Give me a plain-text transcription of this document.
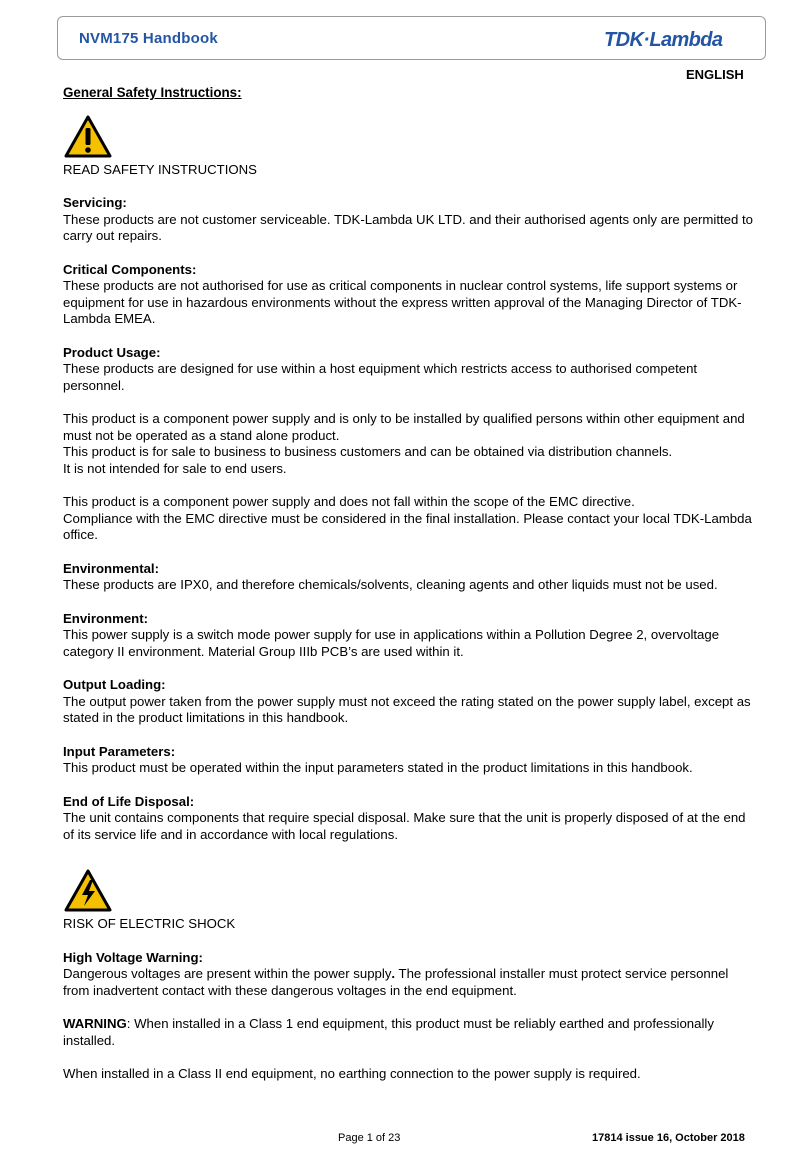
NVM175 Handbook	TDK·Lambda
ENGLISH
General Safety Instructions:
READ SAFETY INSTRUCTIONS
Servicing:

These products are not customer serviceable. TDK-Lambda UK LTD. and their authorised agents only are permitted to carry out repairs.

Critical Components:

These products are not authorised for use as critical components in nuclear control systems, life support systems or equipment for use in hazardous environments without the express written approval of the Managing Director of TDK-Lambda EMEA.

Product Usage:

These products are designed for use within a host equipment which restricts access to authorised competent personnel.

This product is a component power supply and is only to be installed by qualified persons within other equipment and must not be operated as a stand alone product.

This product is for sale to business to business customers and can be obtained via distribution channels.

It is not intended for sale to end users.

This product is a component power supply and does not fall within the scope of the EMC directive.

Compliance with the EMC directive must be considered in the final installation. Please contact your local TDK-Lambda office.

Environmental:

These products are IPX0, and therefore chemicals/solvents, cleaning agents and other liquids must not be used.

Environment:

This power supply is a switch mode power supply for use in applications within a Pollution Degree 2, overvoltage category II environment. Material Group IIIb PCB’s are used within it.

Output Loading:

The output power taken from the power supply must not exceed the rating stated on the power supply label, except as stated in the product limitations in this handbook.

Input Parameters:

This product must be operated within the input parameters stated in the product limitations in this handbook.

End of Life Disposal:

The unit contains components that require special disposal. Make sure that the unit is properly disposed of at the end of its service life and in accordance with local regulations.

RISK OF ELECTRIC SHOCK
High Voltage Warning:

Dangerous voltages are present within the power supply. The professional installer must protect service personnel from inadvertent contact with these dangerous voltages in the end equipment.

WARNING: When installed in a Class 1 end equipment, this product must be reliably earthed and professionally installed.

When installed in a Class II end equipment, no earthing connection to the power supply is required.

Page 1 of 23	17814 issue 16, October 2018
